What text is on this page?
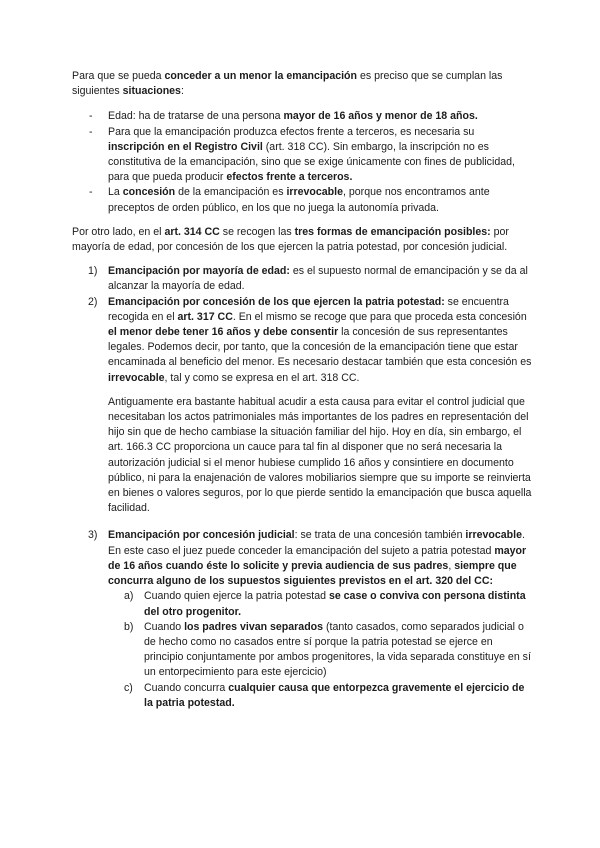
Para que se pueda conceder a un menor la emancipación es preciso que se cumplan las siguientes situaciones:

- Edad: ha de tratarse de una persona mayor de 16 años y menor de 18 años.
- Para que la emancipación produzca efectos frente a terceros, es necesaria su inscripción en el Registro Civil (art. 318 CC). Sin embargo, la inscripción no es constitutiva de la emancipación, sino que se exige únicamente con fines de publicidad, para que pueda producir efectos frente a terceros.
- La concesión de la emancipación es irrevocable, porque nos encontramos ante preceptos de orden público, en los que no juega la autonomía privada.

Por otro lado, en el art. 314 CC se recogen las tres formas de emancipación posibles: por mayoría de edad, por concesión de los que ejercen la patria potestad, por concesión judicial.

1) Emancipación por mayoría de edad: es el supuesto normal de emancipación y se da al alcanzar la mayoría de edad.
2) Emancipación por concesión de los que ejercen la patria potestad: se encuentra recogida en el art. 317 CC. En el mismo se recoge que para que proceda esta concesión el menor debe tener 16 años y debe consentir la concesión de sus representantes legales. Podemos decir, por tanto, que la concesión de la emancipación tiene que estar encaminada al beneficio del menor. Es necesario destacar también que esta concesión es irrevocable, tal y como se expresa en el art. 318 CC.

Antiguamente era bastante habitual acudir a esta causa para evitar el control judicial que necesitaban los actos patrimoniales más importantes de los padres en representación del hijo sin que de hecho cambiase la situación familiar del hijo. Hoy en día, sin embargo, el art. 166.3 CC proporciona un cauce para tal fin al disponer que no será necesaria la autorización judicial si el menor hubiese cumplido 16 años y consintiere en documento público, ni para la enajenación de valores mobiliarios siempre que su importe se reinvierta en bienes o valores seguros, por lo que pierde sentido la emancipación que busca aquella facilidad.

3) Emancipación por concesión judicial: se trata de una concesión también irrevocable. En este caso el juez puede conceder la emancipación del sujeto a patria potestad mayor de 16 años cuando éste lo solicite y previa audiencia de sus padres, siempre que concurra alguno de los supuestos siguientes previstos en el art. 320 del CC:

a) Cuando quien ejerce la patria potestad se case o conviva con persona distinta del otro progenitor.
b) Cuando los padres vivan separados (tanto casados, como separados judicial o de hecho como no casados entre sí porque la patria potestad se ejerce en principio conjuntamente por ambos progenitores, la vida separada constituye en sí un entorpecimiento para este ejercicio)
c) Cuando concurra cualquier causa que entorpezca gravemente el ejercicio de la patria potestad.
